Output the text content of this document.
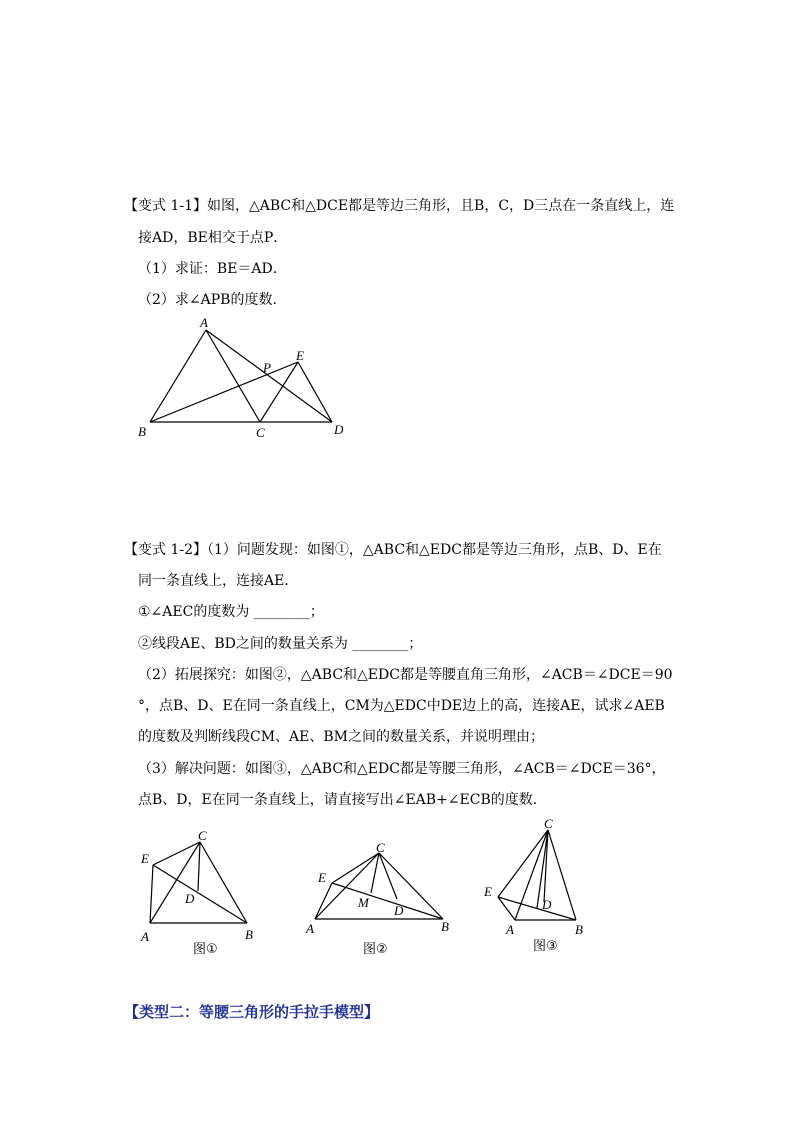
【变式 1-1】如图，△ABC和△DCE都是等边三角形，且B，C，D三点在一条直线上，连
接AD，BE相交于点P．
（1）求证：BE＝AD．
（2）求∠APB的度数．
A
B	C	D
E
P
【变式 1-2】（1）问题发现：如图①，△ABC和△EDC都是等边三角形，点B、D、E在
同一条直线上，连接AE．
①∠AEC的度数为 ________；
②线段AE、BD之间的数量关系为 ________；
（2）拓展探究：如图②，△ABC和△EDC都是等腰直角三角形，∠ACB＝∠DCE＝90
°，点B、D、E在同一条直线上，CM为△EDC中DE边上的高，连接AE，试求∠AEB
的度数及判断线段CM、AE、BM之间的数量关系，并说明理由；
（3）解决问题：如图③，△ABC和△EDC都是等腰三角形，∠ACB＝∠DCE＝36°，
点B、D，E在同一条直线上，请直接写出∠EAB+∠ECB的度数．
C
E
D
A	B
图①
C
E
M
D
A	B
图②
C
E
D
A	B
图③
【类型二：等腰三角形的手拉手模型】
